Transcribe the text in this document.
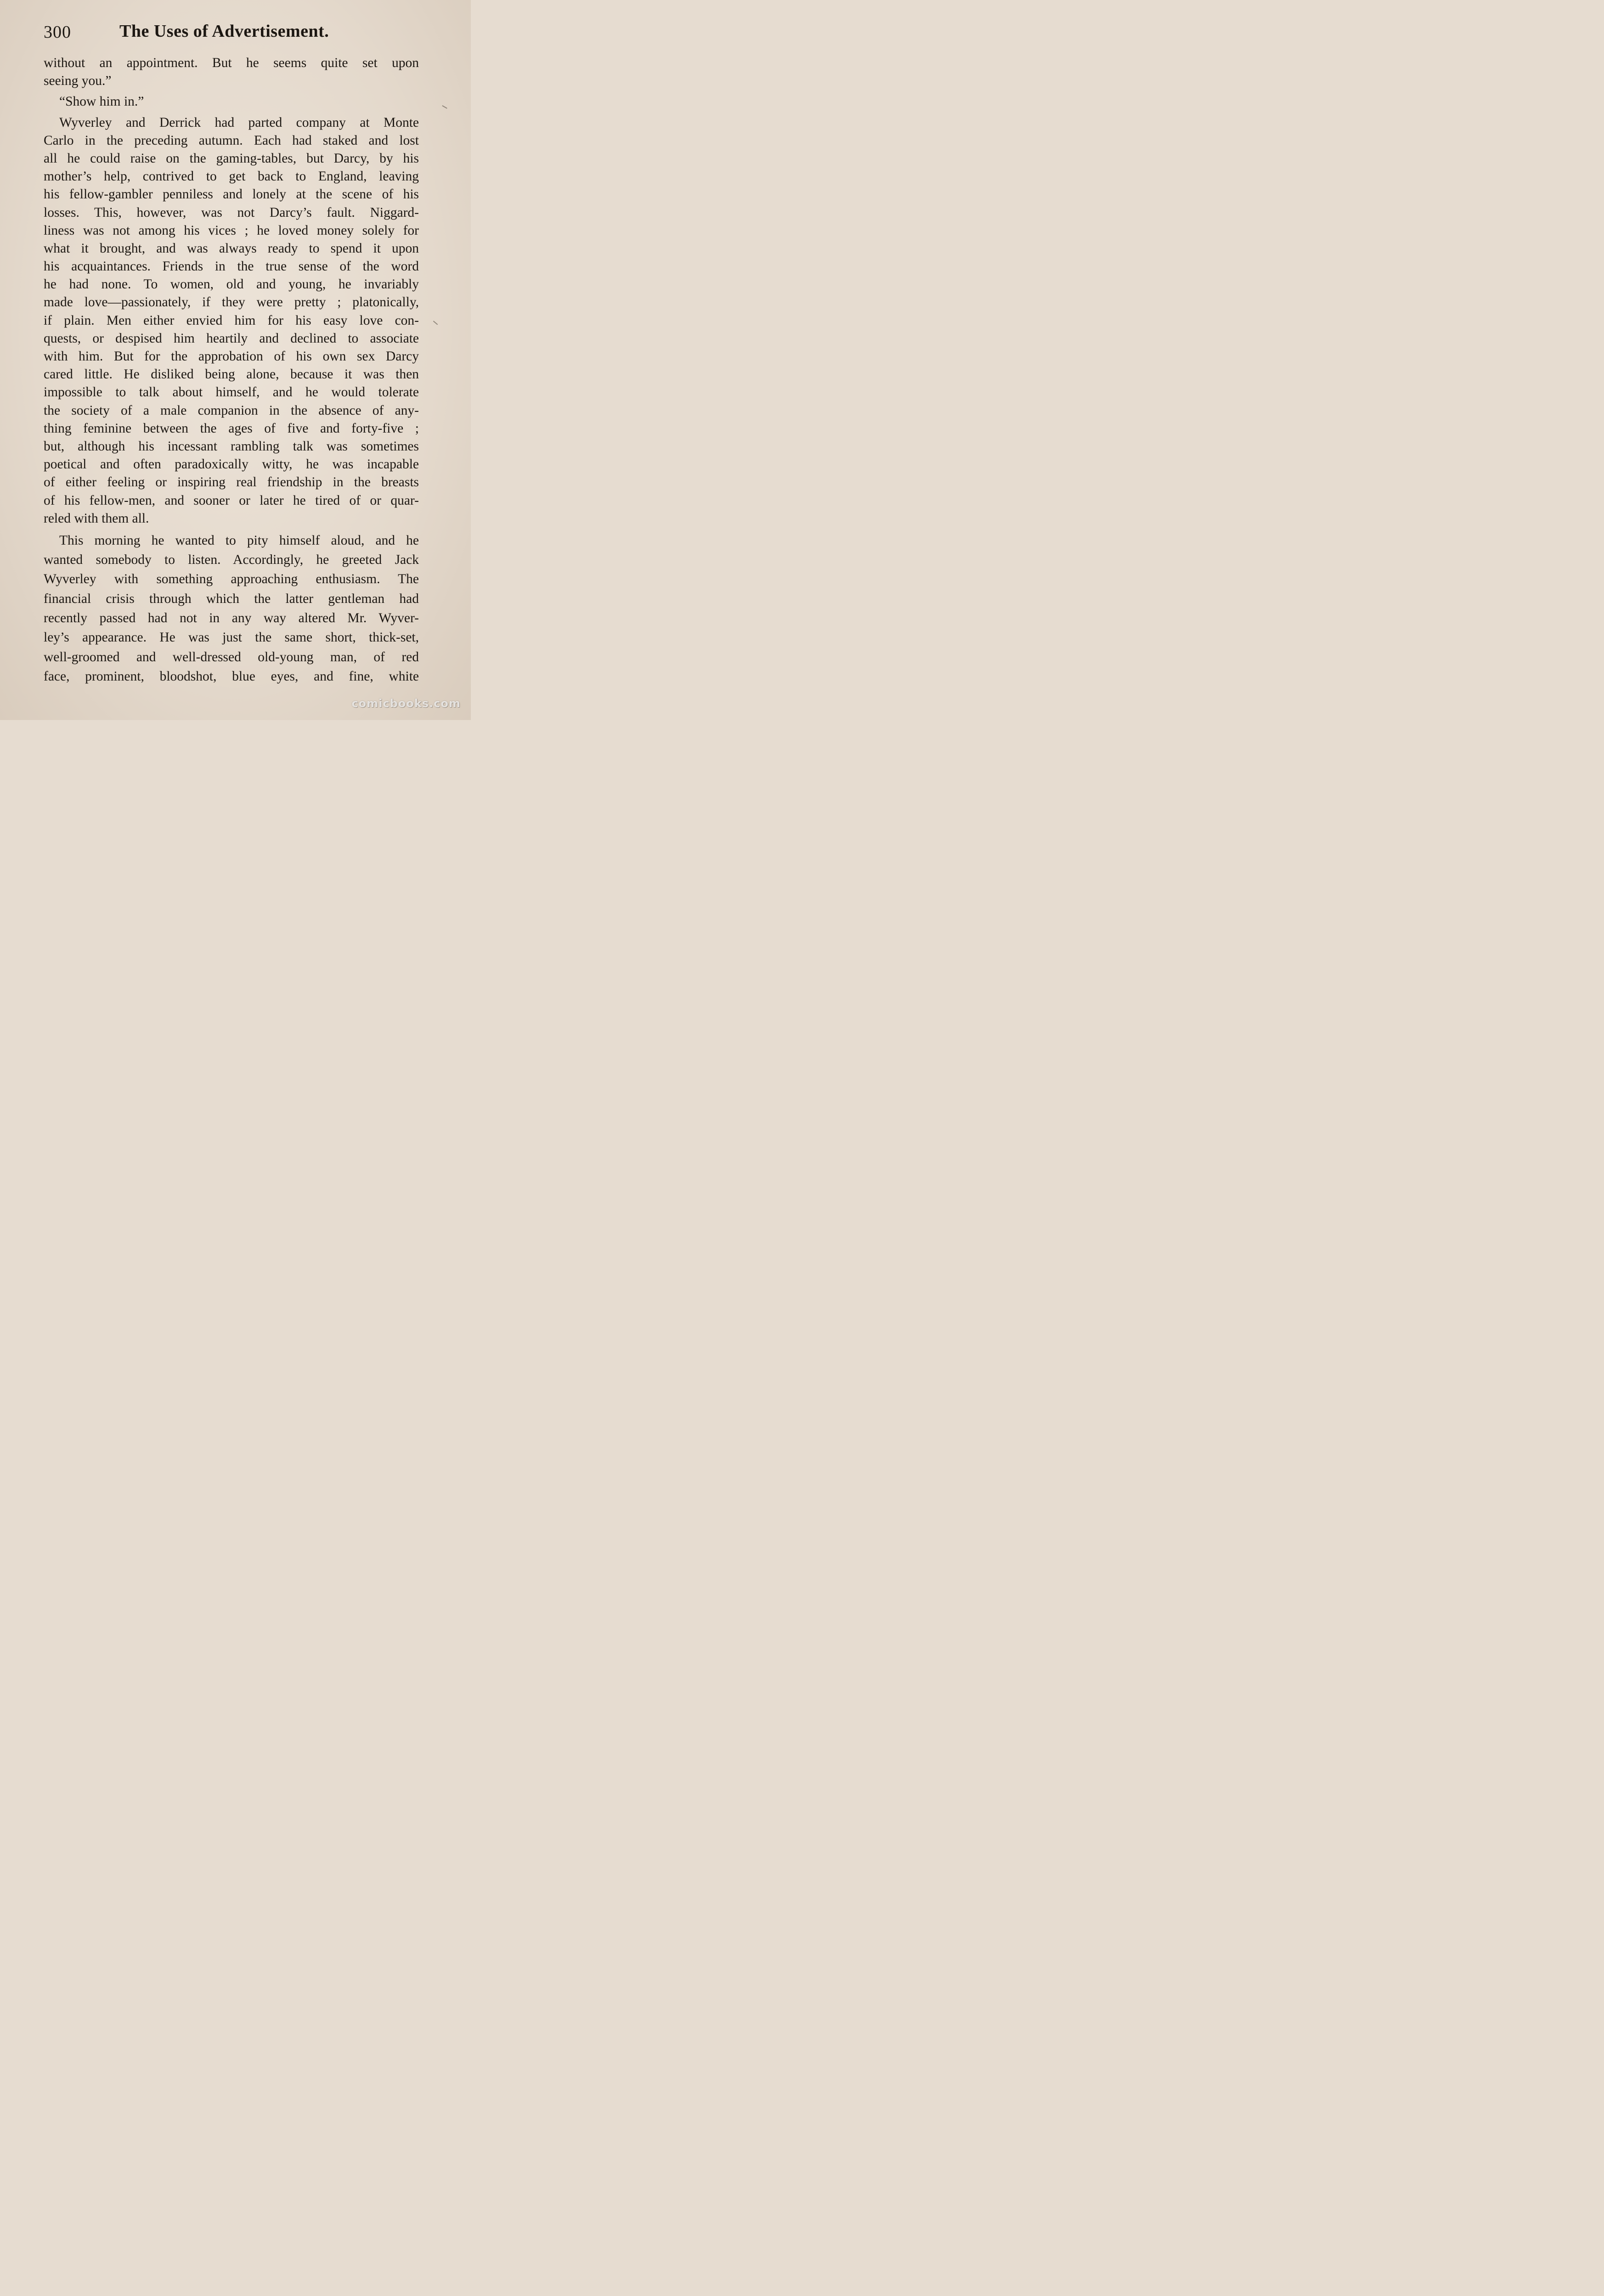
300	The Uses of Advertisement.
without an appointment. But he seems quite set upon
seeing you.”
“Show him in.”
Wyverley and Derrick had parted company at Monte
Carlo in the preceding autumn. Each had staked and lost
all he could raise on the gaming-tables, but Darcy, by his
mother’s help, contrived to get back to England, leaving
his fellow-gambler penniless and lonely at the scene of his
losses. This, however, was not Darcy’s fault. Niggard-
liness was not among his vices ; he loved money solely for
what it brought, and was always ready to spend it upon
his acquaintances. Friends in the true sense of the word
he had none. To women, old and young, he invariably
made love—passionately, if they were pretty ; platonically,
if plain. Men either envied him for his easy love con-
quests, or despised him heartily and declined to associate
with him. But for the approbation of his own sex Darcy
cared little. He disliked being alone, because it was then
impossible to talk about himself, and he would tolerate
the society of a male companion in the absence of any-
thing feminine between the ages of five and forty-five ;
but, although his incessant rambling talk was sometimes
poetical and often paradoxically witty, he was incapable
of either feeling or inspiring real friendship in the breasts
of his fellow-men, and sooner or later he tired of or quar-
reled with them all.
This morning he wanted to pity himself aloud, and he
wanted somebody to listen. Accordingly, he greeted Jack
Wyverley with something approaching enthusiasm. The
financial crisis through which the latter gentleman had
recently passed had not in any way altered Mr. Wyver-
ley’s appearance. He was just the same short, thick-set,
well-groomed and well-dressed old-young man, of red
face, prominent, bloodshot, blue eyes, and fine, white
comicbooks.com
